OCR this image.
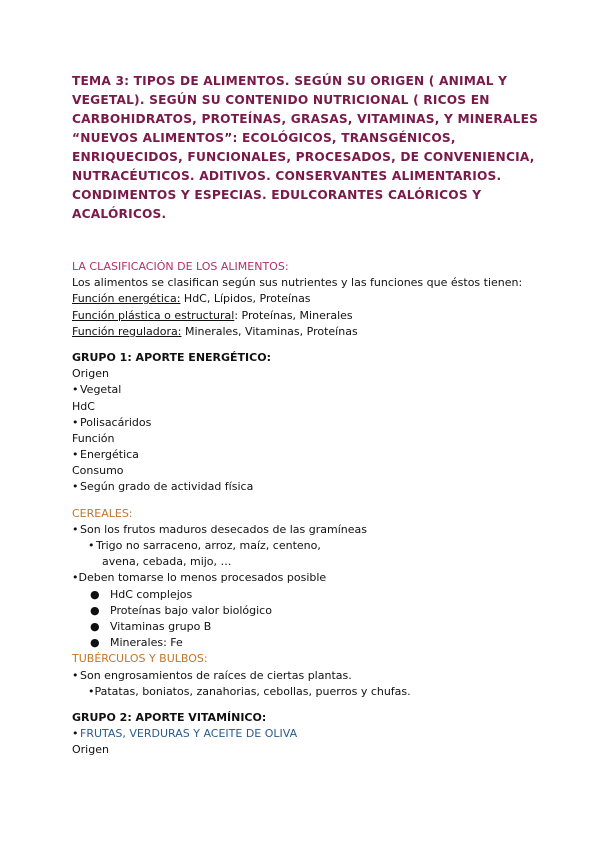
TEMA 3: TIPOS DE ALIMENTOS. SEGÚN SU ORIGEN ( ANIMAL Y
VEGETAL). SEGÚN SU CONTENIDO NUTRICIONAL ( RICOS EN
CARBOHIDRATOS, PROTEÍNAS, GRASAS, VITAMINAS, Y MINERALES
“NUEVOS ALIMENTOS”: ECOLÓGICOS, TRANSGÉNICOS,
ENRIQUECIDOS, FUNCIONALES, PROCESADOS, DE CONVENIENCIA,
NUTRACÉUTICOS. ADITIVOS. CONSERVANTES ALIMENTARIOS.
CONDIMENTOS Y ESPECIAS. EDULCORANTES CALÓRICOS Y
ACALÓRICOS.
LA CLASIFICACIÓN DE LOS ALIMENTOS:
Los alimentos se clasifican según sus nutrientes y las funciones que éstos tienen:
Función energética: HdC, Lípidos, Proteínas
Función plástica o estructural: Proteínas, Minerales
Función reguladora: Minerales, Vitaminas, Proteínas
GRUPO 1: APORTE ENERGÉTICO:
Origen
• Vegetal
HdC
• Polisacáridos
Función
• Energética
Consumo
• Según grado de actividad física
CEREALES:
• Son los frutos maduros desecados de las gramíneas
• Trigo no sarraceno, arroz, maíz, centeno,
avena, cebada, mijo, …
•Deben tomarse lo menos procesados posible
● HdC complejos
● Proteínas bajo valor biológico
● Vitaminas grupo B
● Minerales: Fe
TUBÉRCULOS Y BULBOS:
• Son engrosamientos de raíces de ciertas plantas.
•Patatas, boniatos, zanahorias, cebollas, puerros y chufas.
GRUPO 2: APORTE VITAMÍNICO:
• FRUTAS, VERDURAS Y ACEITE DE OLIVA
Origen
